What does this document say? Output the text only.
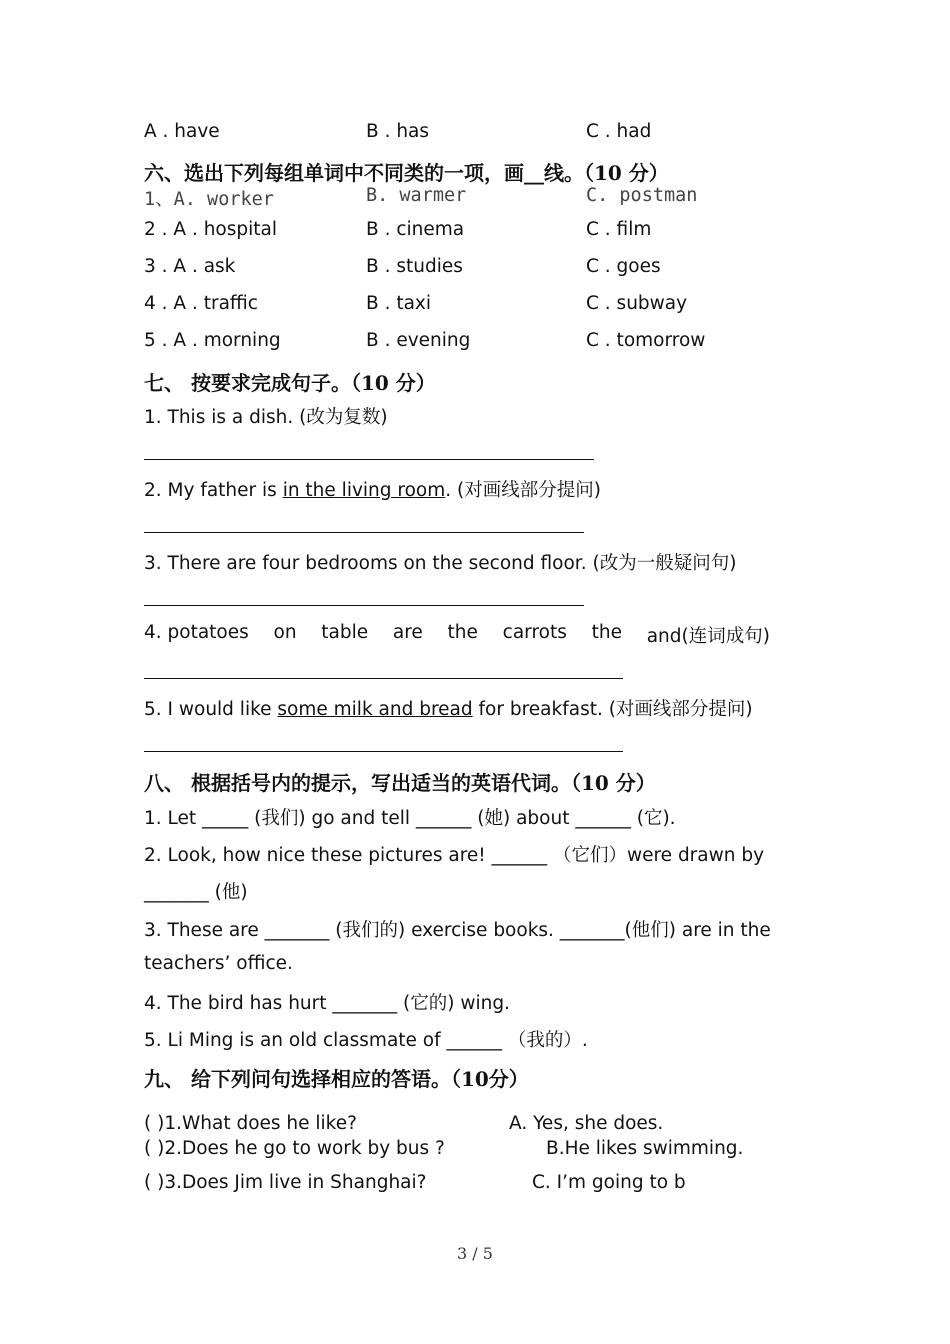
A . have	B . has	C . had
六、选出下列每组单词中不同类的一项，画__线。（10 分）
1、A. worker	B. warmer	C. postman
2 . A . hospital	B . cinema	C . film
3 . A . ask	B . studies	C . goes
4 . A . traffic	B . taxi	C . subway
5 . A . morning	B . evening	C . tomorrow
七、 按要求完成句子。（10 分）
1. This is a dish. (改为复数)
2. My father is in the living room. (对画线部分提问)
3. There are four bedrooms on the second floor. (改为一般疑问句)
4. potatoes on table are the carrots the and(连词成句)
5. I would like some milk and bread for breakfast. (对画线部分提问)
八、 根据括号内的提示，写出适当的英语代词。（10 分）
1. Let _____ (我们) go and tell ______ (她) about ______ (它).
2. Look, how nice these pictures are! ______ （它们）were drawn by
_______ (他)
3. These are _______ (我们的) exercise books. _______(他们) are in the
teachers’ office.
4. The bird has hurt _______ (它的) wing.
5. Li Ming is an old classmate of ______ （我的）.
九、 给下列问句选择相应的答语。（10分）
( )1.What does he like?	A. Yes, she does.
( )2.Does he go to work by bus ?	B.He likes swimming.
( )3.Does Jim live in Shanghai?	C. I’m going to b
3 / 5
